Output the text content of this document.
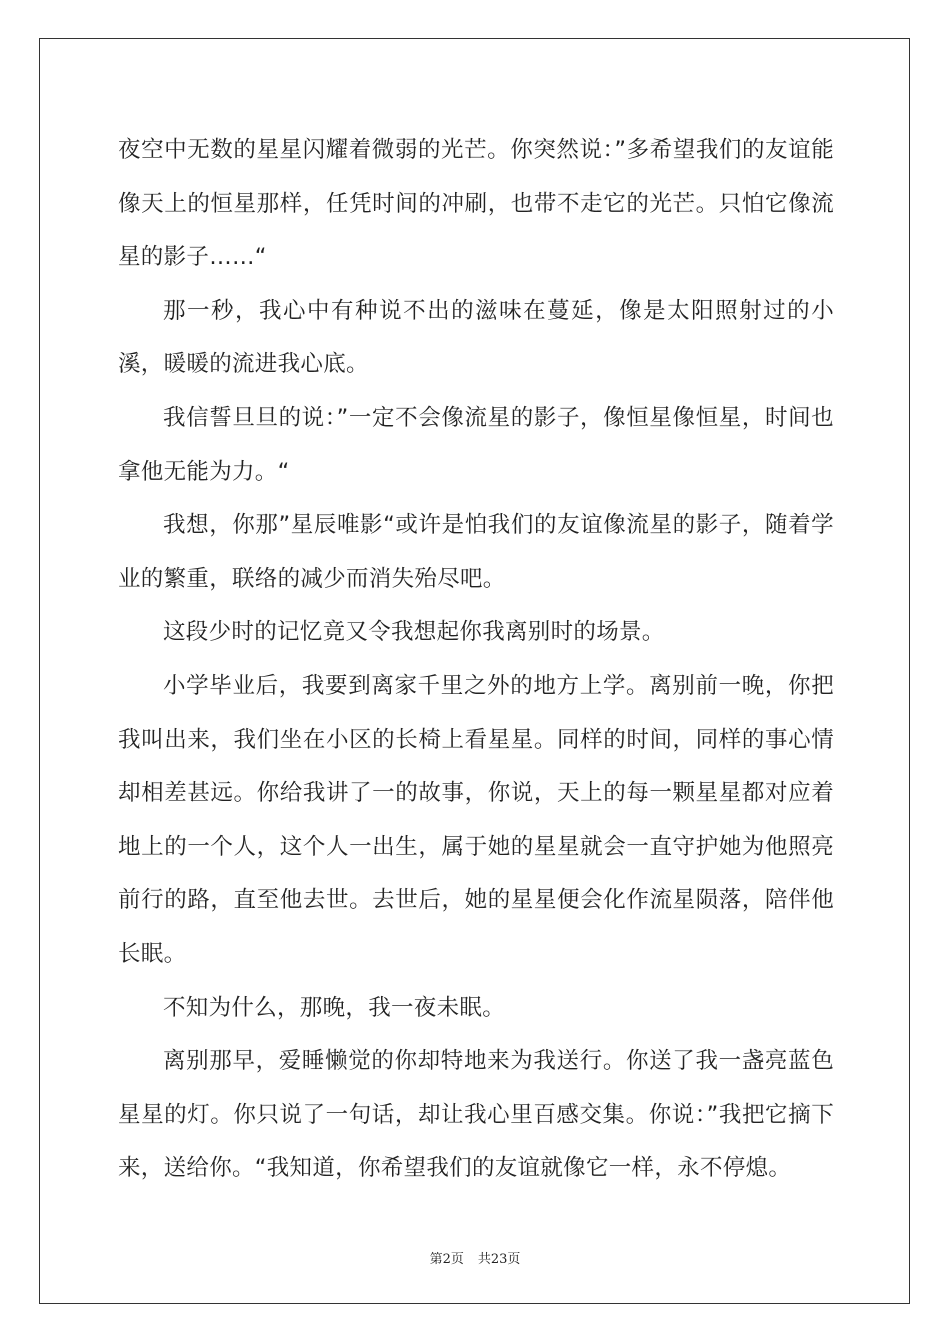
夜空中无数的星星闪耀着微弱的光芒。你突然说：”多希望我们的友谊能像天上的恒星那样，任凭时间的冲刷，也带不走它的光芒。只怕它像流星的影子……“

那一秒，我心中有种说不出的滋味在蔓延，像是太阳照射过的小溪，暖暖的流进我心底。

我信誓旦旦的说：”一定不会像流星的影子，像恒星像恒星，时间也拿他无能为力。“

我想，你那”星辰唯影“或许是怕我们的友谊像流星的影子，随着学业的繁重，联络的减少而消失殆尽吧。

这段少时的记忆竟又令我想起你我离别时的场景。

小学毕业后，我要到离家千里之外的地方上学。离别前一晚，你把我叫出来，我们坐在小区的长椅上看星星。同样的时间，同样的事心情却相差甚远。你给我讲了一的故事，你说，天上的每一颗星星都对应着地上的一个人，这个人一出生，属于她的星星就会一直守护她为他照亮前行的路，直至他去世。去世后，她的星星便会化作流星陨落，陪伴他长眠。

不知为什么，那晚，我一夜未眠。

离别那早，爱睡懒觉的你却特地来为我送行。你送了我一盏亮蓝色星星的灯。你只说了一句话，却让我心里百感交集。你说：”我把它摘下来，送给你。“我知道，你希望我们的友谊就像它一样，永不停熄。

第2页 共23页
